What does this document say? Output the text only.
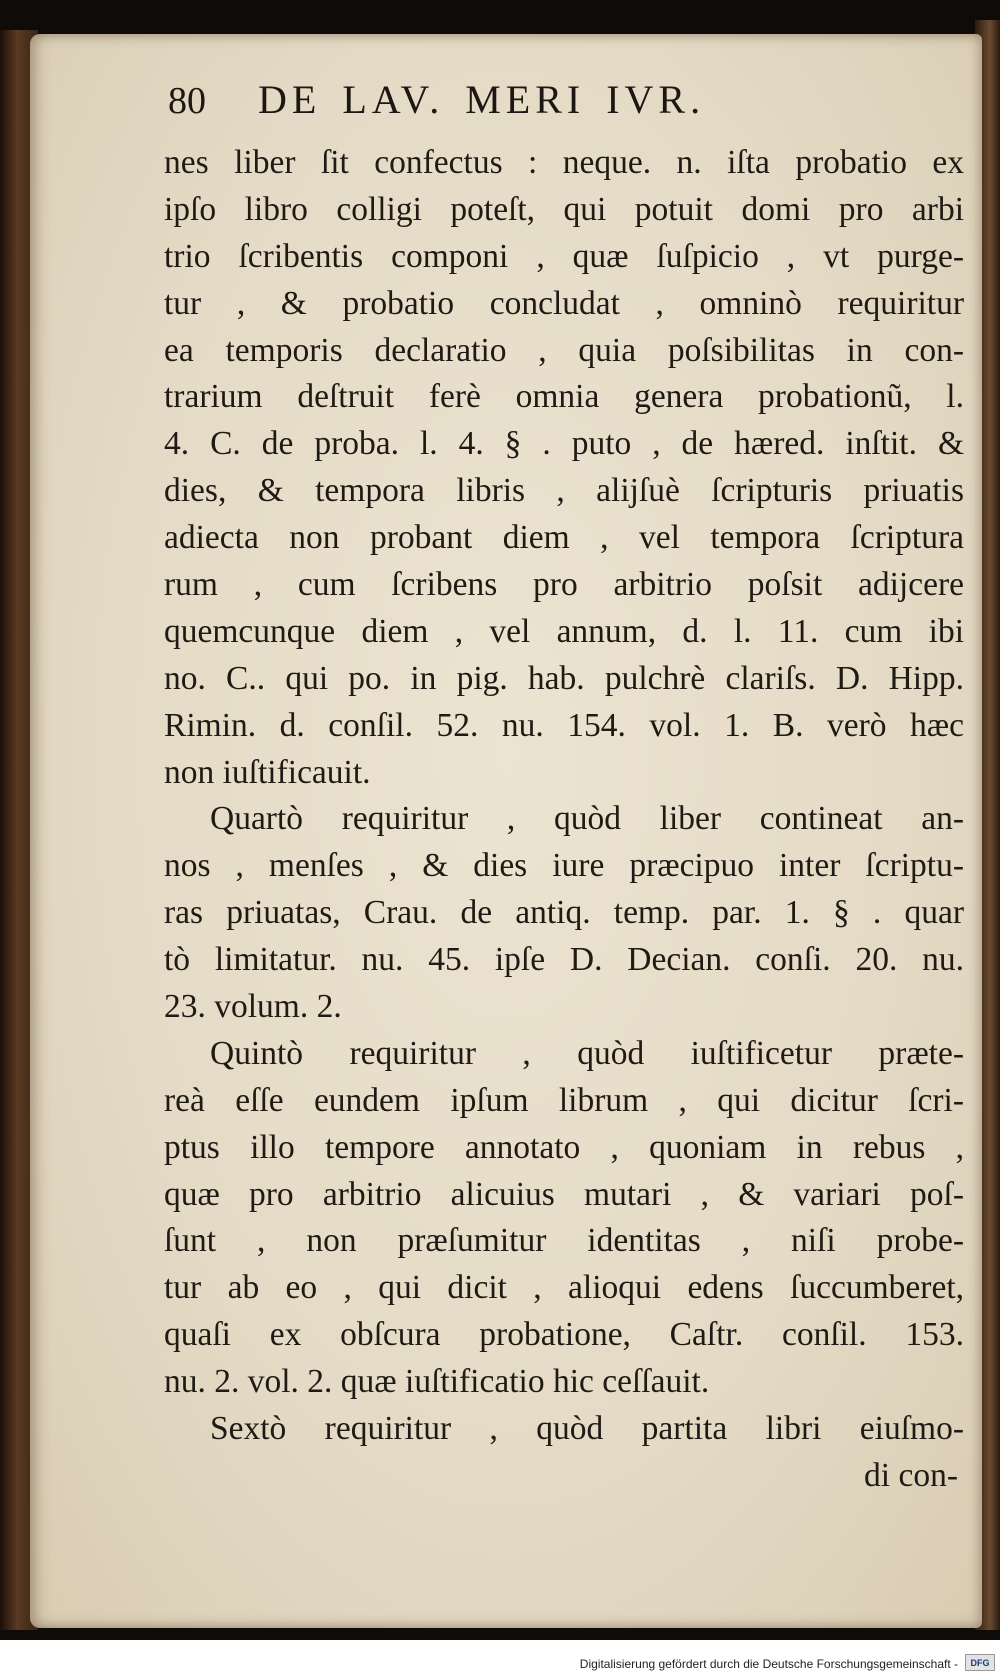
80	DE LAV. MERI IVR.
nes liber ſit confectus : neque. n. iſta probatio ex
ipſo libro colligi poteſt, qui potuit domi pro arbi
trio ſcribentis componi , quæ ſuſpicio , vt purge-
tur , & probatio concludat , omninò requiritur
ea temporis declaratio , quia poſsibilitas in con-
trarium deſtruit ferè omnia genera probationũ, l.
4. C. de proba. l. 4. § . puto , de hæred. inſtit. &
dies, & tempora libris , alijſuè ſcripturis priuatis
adiecta non probant diem , vel tempora ſcriptura
rum , cum ſcribens pro arbitrio poſsit adijcere
quemcunque diem , vel annum, d. l. 11. cum ibi
no. C.. qui po. in pig. hab. pulchrè clariſs. D. Hipp.
Rimin. d. conſil. 52. nu. 154. vol. 1. B. verò hæc
non iuſtificauit.
Quartò requiritur , quòd liber contineat an-
nos , menſes , & dies iure præcipuo inter ſcriptu-
ras priuatas, Crau. de antiq. temp. par. 1. § . quar
tò limitatur. nu. 45. ipſe D. Decian. conſi. 20. nu.
23. volum. 2.
Quintò requiritur , quòd iuſtificetur præte-
reà eſſe eundem ipſum librum , qui dicitur ſcri-
ptus illo tempore annotato , quoniam in rebus ,
quæ pro arbitrio alicuius mutari , & variari poſ-
ſunt , non præſumitur identitas , niſi probe-
tur ab eo , qui dicit , alioqui edens ſuccumberet,
quaſi ex obſcura probatione, Caſtr. conſil. 153.
nu. 2. vol. 2. quæ iuſtificatio hic ceſſauit.
Sextò requiritur , quòd partita libri eiuſmo-
di con-
Digitalisierung gefördert durch die Deutsche Forschungsgemeinschaft -	DFG
